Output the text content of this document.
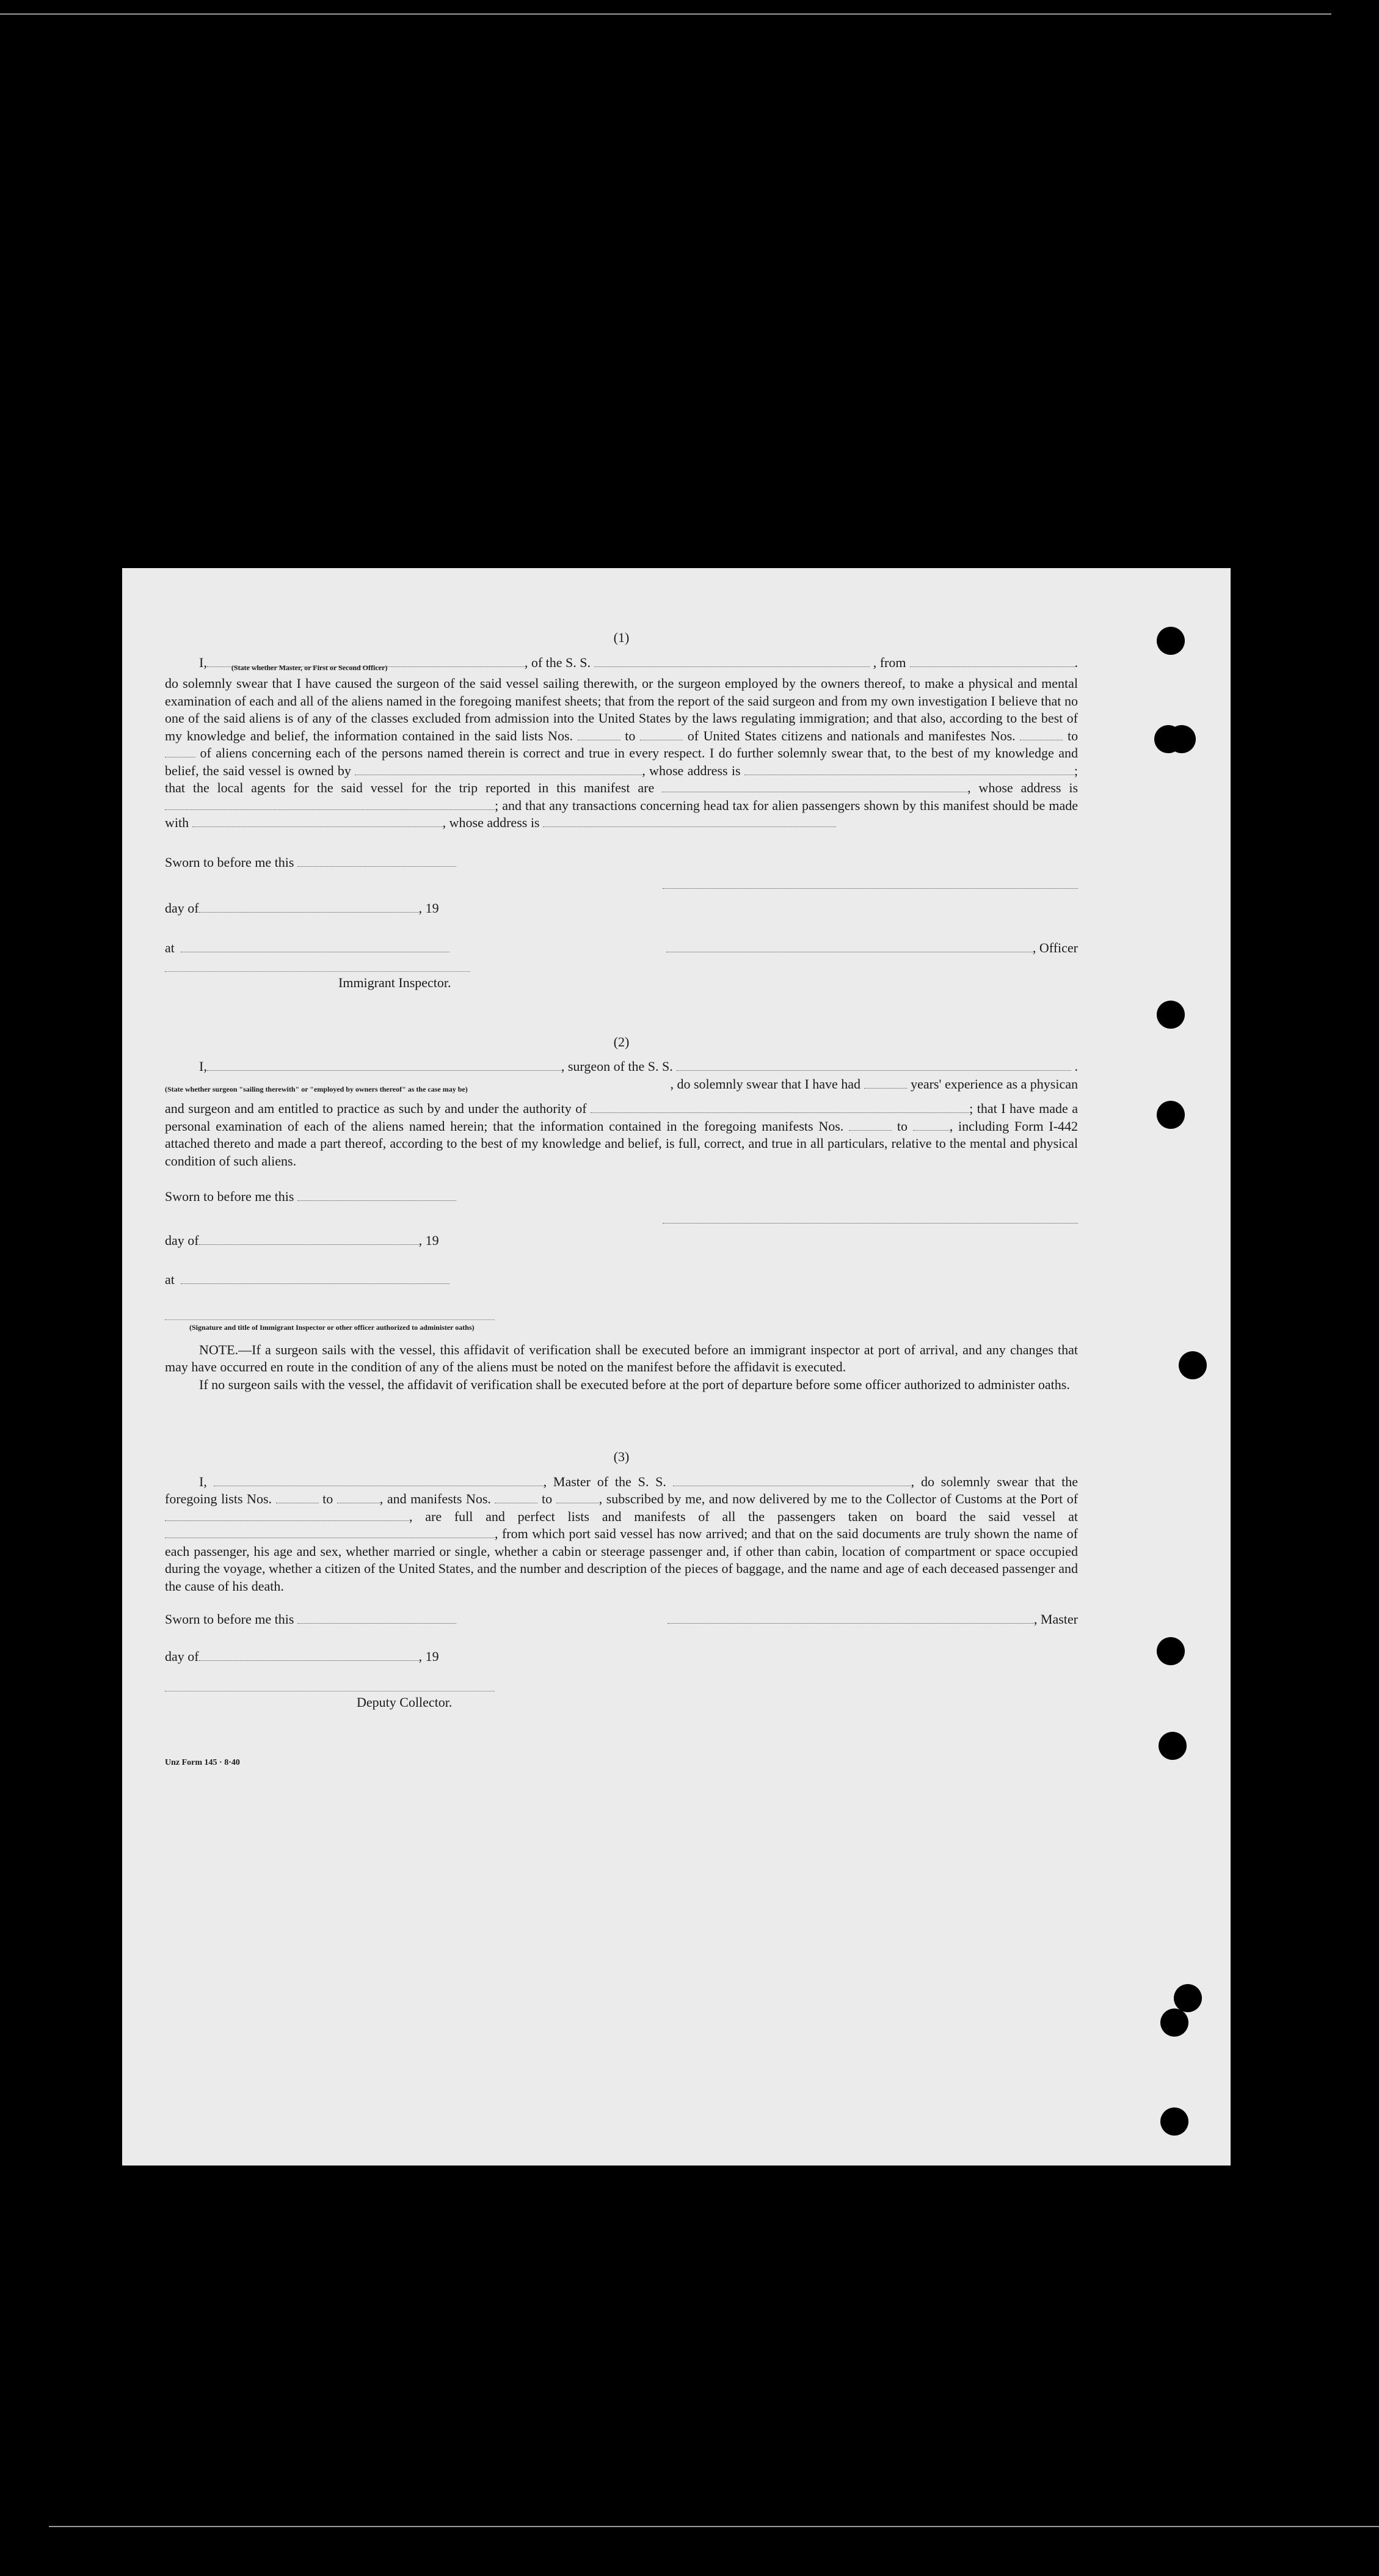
(1)

I,	(State whether Master, or First or Second Officer)	, of the S. S.	, from	.

do solemnly swear that I have caused the surgeon of the said vessel sailing therewith, or the surgeon employed by the owners thereof, to make a physical and mental examination of each and all of the aliens named in the foregoing manifest sheets; that from the report of the said surgeon and from my own investigation I believe that no one of the said aliens is of any of the classes excluded from admission into the United States by the laws regulating immigration; and that also, according to the best of my knowledge and belief, the information contained in the said lists Nos.	to	of United States citizens and nationals and manifestes Nos.	to  of aliens concerning each of the persons named therein is correct and true in every respect. I do further solemnly swear that, to the best of my knowledge and belief, the said vessel is owned by	, whose address is	; that the local agents for the said vessel for the trip reported in this manifest are	, whose address is ; and that any transactions concerning head tax for alien passengers shown by this manifest should be made with	, whose address is

Sworn to before me this
day of	, 19
at	, Officer

Immigrant Inspector.

(2)

I,	, surgeon of the S. S.	.
(State whether surgeon "sailing therewith" or "employed by owners thereof" as the case may be)	, do solemnly swear that I have had	years' experience as a physican

and surgeon and am entitled to practice as such by and under the authority of	; that I have made a personal examination of each of the aliens named herein; that the information contained in the foregoing manifests Nos.	to	, including Form I-442 attached thereto and made a part thereof, according to the best of my knowledge and belief, is full, correct, and true in all particulars, relative to the mental and physical condition of such aliens.

Sworn to before me this
day of	, 19
at

(Signature and title of Immigrant Inspector or other officer authorized to administer oaths)

NOTE.—If a surgeon sails with the vessel, this affidavit of verification shall be executed before an immigrant inspector at port of arrival, and any changes that may have occurred en route in the condition of any of the aliens must be noted on the manifest before the affidavit is executed.

If no surgeon sails with the vessel, the affidavit of verification shall be executed before at the port of departure before some officer authorized to administer oaths.

(3)

I,	, Master of the S. S.	, do solemnly swear that the foregoing lists Nos.	to	, and manifests Nos.	to	, subscribed by me, and now delivered by me to the Collector of Customs at the Port of , are full and perfect lists and manifests of all the passengers taken on board the said vessel at , from which port said vessel has now arrived; and that on the said documents are truly shown the name of each passenger, his age and sex, whether married or single, whether a cabin or steerage passenger and, if other than cabin, location of compartment or space occupied during the voyage, whether a citizen of the United States, and the number and description of the pieces of baggage, and the name and age of each deceased passenger and the cause of his death.

Sworn to before me this	, Master
day of	, 19

Deputy Collector.

Unz Form 145 · 8·40
